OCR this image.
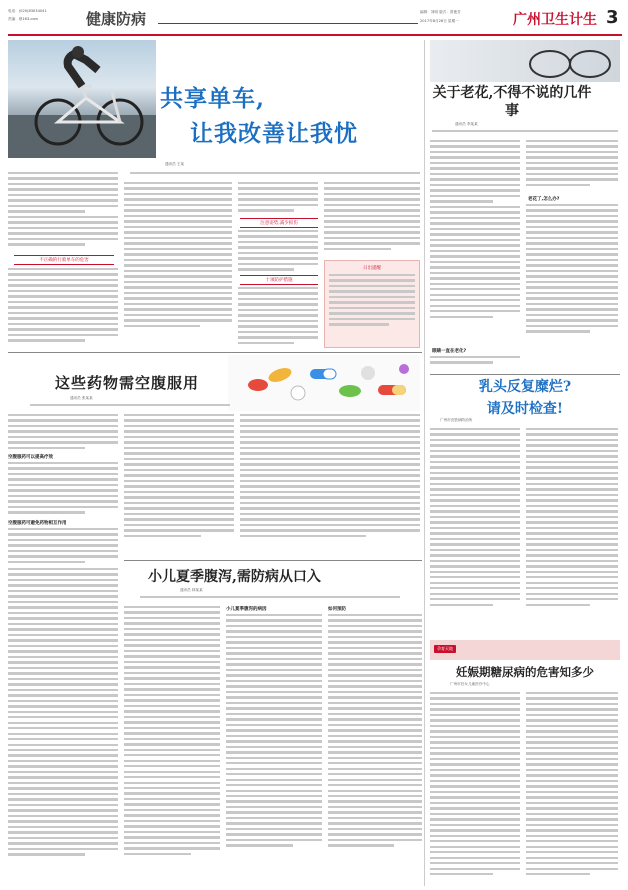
电话：(020)83034041
责编：@163.com	健康防病	编辑：刘明 版式：曾艳芳
2017年8月28日 星期一	广州卫生计生 3
共享单车,
让我改善让我忧
通讯员 王某
不正确的行骑单车的危害
注意姿势,减少损伤
十项防护措施
日出提醒
关于老花,不得不说的几件事
通讯员 李某某
眼睛一直在老化?
老花了,怎么办?
乳头反复糜烂?
请及时检查!
广州市皮肤病防治所
这些药物需空腹服用
通讯员 张某某
空腹服药可以提高疗效
空腹服药可避免药物相互作用
小儿夏季腹泻,需防病从口入
通讯员 林某某
小儿夏季腹泻的病因	如何预防
孕育天地
妊娠期糖尿病的危害知多少
广州市妇女儿童医疗中心
